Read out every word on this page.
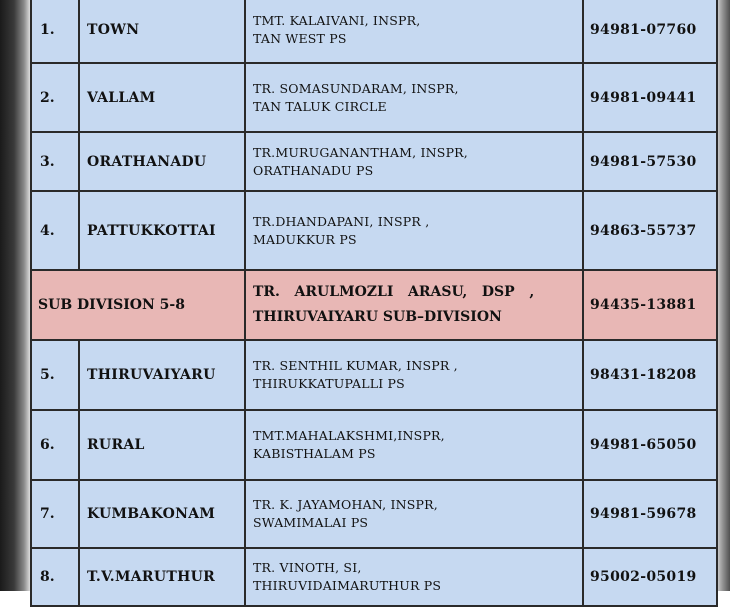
1.	TOWN	TMT. KALAIVANI, INSPR,
TAN WEST PS	94981-07760
2.	VALLAM	TR. SOMASUNDARAM, INSPR,
TAN TALUK CIRCLE	94981-09441
3.	ORATHANADU	TR.MURUGANANTHAM, INSPR,
ORATHANADU PS	94981-57530
4.	PATTUKKOTTAI	TR.DHANDAPANI, INSPR ,
MADUKKUR PS	94863-55737
SUB DIVISION 5-8		TR.   ARULMOZLI   ARASU,   DSP   ,
THIRUVAIYARU SUB–DIVISION	94435-13881
5.	THIRUVAIYARU	TR. SENTHIL KUMAR, INSPR ,
THIRUKKATUPALLI PS	98431-18208
6.	RURAL	TMT.MAHALAKSHMI,INSPR,
KABISTHALAM PS	94981-65050
7.	KUMBAKONAM	TR. K. JAYAMOHAN, INSPR,
SWAMIMALAI PS	94981-59678
8.	T.V.MARUTHUR	TR. VINOTH, SI,
THIRUVIDAIMARUTHUR PS	95002-05019
